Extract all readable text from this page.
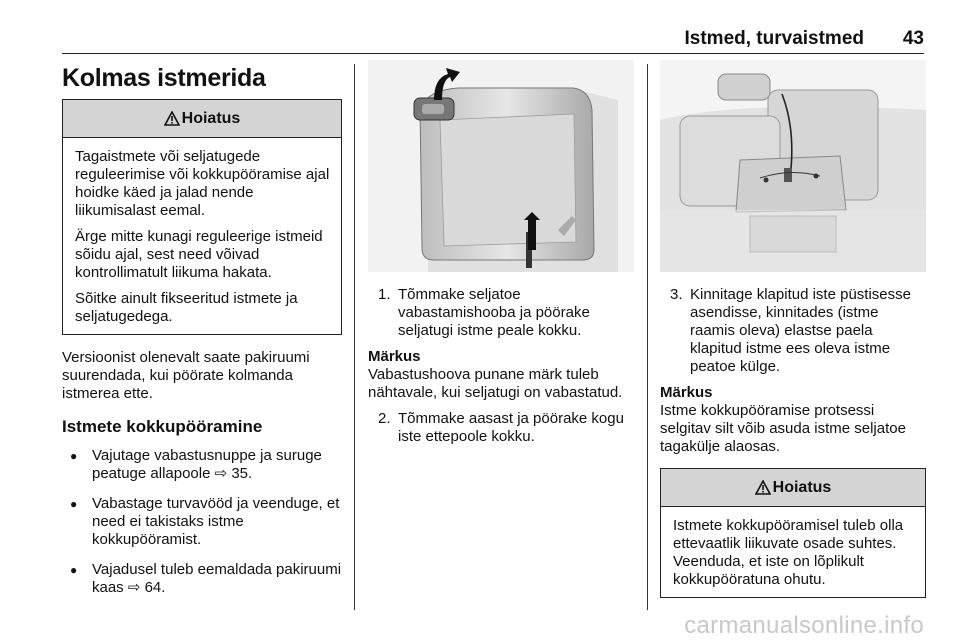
Istmed, turvaistmed 43
Kolmas istmerida
Hoiatus

Tagaistmete või seljatugede reguleerimise või kokkupööramise ajal hoidke käed ja jalad nende liikumisalast eemal.

Ärge mitte kunagi reguleerige istmeid sõidu ajal, sest need võivad kontrollimatult liikuma hakata.

Sõitke ainult fikseeritud istmete ja seljatugedega.

Versioonist olenevalt saate pakiruumi suurendada, kui pöörate kolmanda istmerea ette.

Istmete kokkupööramine
● Vajutage vabastusnuppe ja suruge peatuge allapoole ⇨ 35.
● Vabastage turvavööd ja veenduge, et need ei takistaks istme kokkupööramist.
● Vajadusel tuleb eemaldada pakiruumi kaas ⇨ 64.
1. Tõmmake seljatoe vabastamishooba ja pöörake seljatugi istme peale kokku.
Märkus
Vabastushoova punane märk tuleb nähtavale, kui seljatugi on vabastatud.
2. Tõmmake aasast ja pöörake kogu iste ettepoole kokku.
3. Kinnitage klapitud iste püstisesse asendisse, kinnitades (istme raamis oleva) elastse paela klapitud istme ees oleva istme peatoe külge.
Märkus
Istme kokkupööramise protsessi selgitav silt võib asuda istme seljatoe tagakülje alaosas.
Hoiatus

Istmete kokkupööramisel tuleb olla ettevaatlik liikuvate osade suhtes. Veenduda, et iste on lõplikult kokkupööratuna ohutu.

carmanualsonline.info
